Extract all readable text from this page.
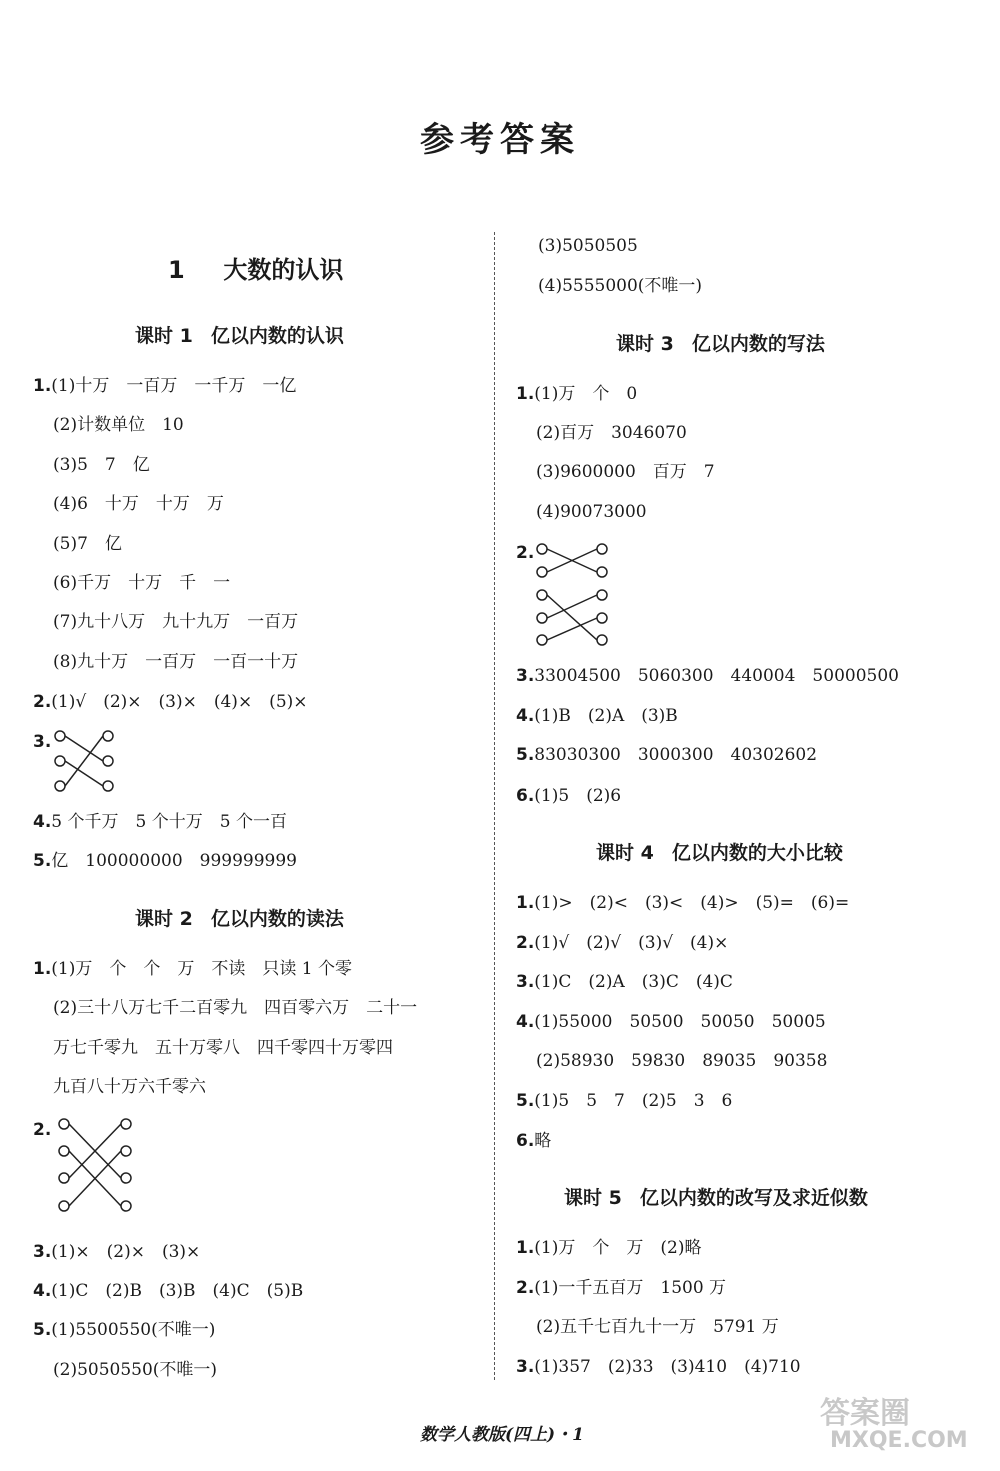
参考答案
1 大数的认识
课时 1 亿以内数的认识
1.(1)十万　一百万　一千万　一亿
(2)计数单位　10
(3)5　7　亿
(4)6　十万　十万　万
(5)7　亿
(6)千万　十万　千　一
(7)九十八万　九十九万　一百万
(8)九十万　一百万　一百一十万
2.(1)√　(2)×　(3)×　(4)×　(5)×
3.
4.5 个千万　5 个十万　5 个一百
5.亿　100000000　999999999
课时 2 亿以内数的读法
1.(1)万　个　个　万　不读　只读 1 个零
(2)三十八万七千二百零九　四百零六万　二十一
万七千零九　五十万零八　四千零四十万零四
九百八十万六千零六
2.
3.(1)×　(2)×　(3)×
4.(1)C　(2)B　(3)B　(4)C　(5)B
5.(1)5500550(不唯一)
(2)5050550(不唯一)
(3)5050505
(4)5555000(不唯一)
课时 3 亿以内数的写法
1.(1)万　个　0
(2)百万　3046070
(3)9600000　百万　7
(4)90073000
2.
3.33004500　5060300　440004　50000500
4.(1)B　(2)A　(3)B
5.83030300　3000300　40302602
6.(1)5　(2)6
课时 4 亿以内数的大小比较
1.(1)>　(2)<　(3)<　(4)>　(5)=　(6)=
2.(1)√　(2)√　(3)√　(4)×
3.(1)C　(2)A　(3)C　(4)C
4.(1)55000　50500　50050　50005
(2)58930　59830　89035　90358
5.(1)5　5　7　(2)5　3　6
6.略
课时 5 亿以内数的改写及求近似数
1.(1)万　个　万　(2)略
2.(1)一千五百万　1500 万
(2)五千七百九十一万　5791 万
3.(1)357　(2)33　(3)410　(4)710
数学人教版(四上)・1
答案圈
MXQE.COM
